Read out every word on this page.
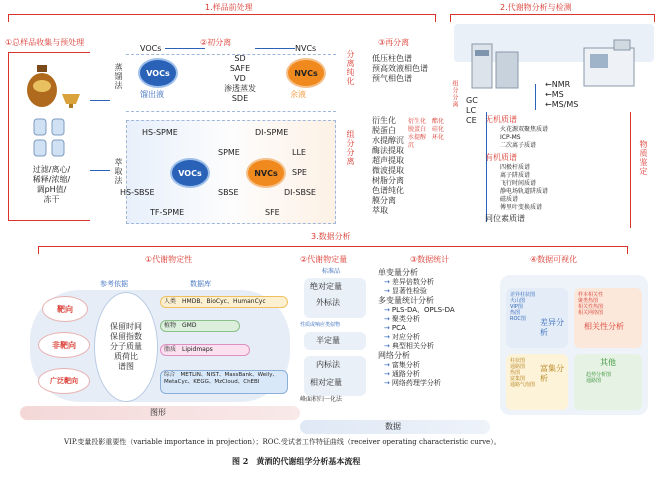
1.样品前处理	2.代谢物分析与检测
①总样品收集与预处理	②初分离	③再分离
过滤/离心/
稀释/浓缩/
调pH值/
冻干
VOCs	NVCs
蒸馏法
萃取法
VOCs	NVCs
馏出液	余液
SD
SAFE
VD
渗透蒸发
SDE
VOCs	NVCs
HS-SPME	DI-SPME
SPME	LLE
SPE
HS-SBSE	SBSE	DI-SBSE
TF-SPME	SFE
分离纯化 低压柱色谱
预高效液相色谱
预气相色谱
组分分离
衍生化
脱蛋白
水提醇沉
酶法提取
超声提取
微波提取
树脂分离
色谱纯化
膜分离
萃取
衍生化
脱蛋白
水提醇沉
酯化
硅化
环化
组分分离 GC
LC
CE
←NMR
←MS
←MS/MS
无机质谱
火花源双聚焦质谱
ICP-MS
二次离子质谱
有机质谱
四极杆质谱
离子阱质谱
飞行时间质谱
静电场轨道阱质谱
磁质谱
傅里叶变换质谱
同位素质谱
物质鉴定
3.数据分析
①代谢物定性
参考依据	数据库
靶向
非靶向
广泛靶向
保留时间
保留指数
分子质量
质荷比
谱图
人类　 HMDB、BioCyc、HumanCyc
植物　 GMD
脂质　 Lipidmaps
综合　 METLIN、NIST、MassBank、Weily、MetaCyc、KEGG、MzCloud、ChEBI
图形
②代谢物定量
标准品
绝对定量
外标法
性质或响应类似物
半定量
内标法
相对定量
峰面积归一化法
③数据统计
单变量分析
→ 差异倍数分析
→ 显著性检验
多变量统计分析
→ PLS-DA、OPLS-DA
→ 聚类分析
→ PCA
→ 对应分析
→ 典型相关分析
网络分析
→ 富集分析
→ 通路分析
→ 网络药理学分析
数据
④数据可视化
差异柱状图
火山图
VIP图
热图
ROC图	差异分析
样本相关性
聚类热图
相关性热图
相关网络图
相关性分析
柱状图
通路图
热图
富集图
通路气泡图
富集分析
其他
趋势分析图
通路图
VIP.变量投影重要性（variable importance in projection）；ROC.受试者工作特征曲线（receiver operating characteristic curve）。
图 2　黄酒的代谢组学分析基本流程
